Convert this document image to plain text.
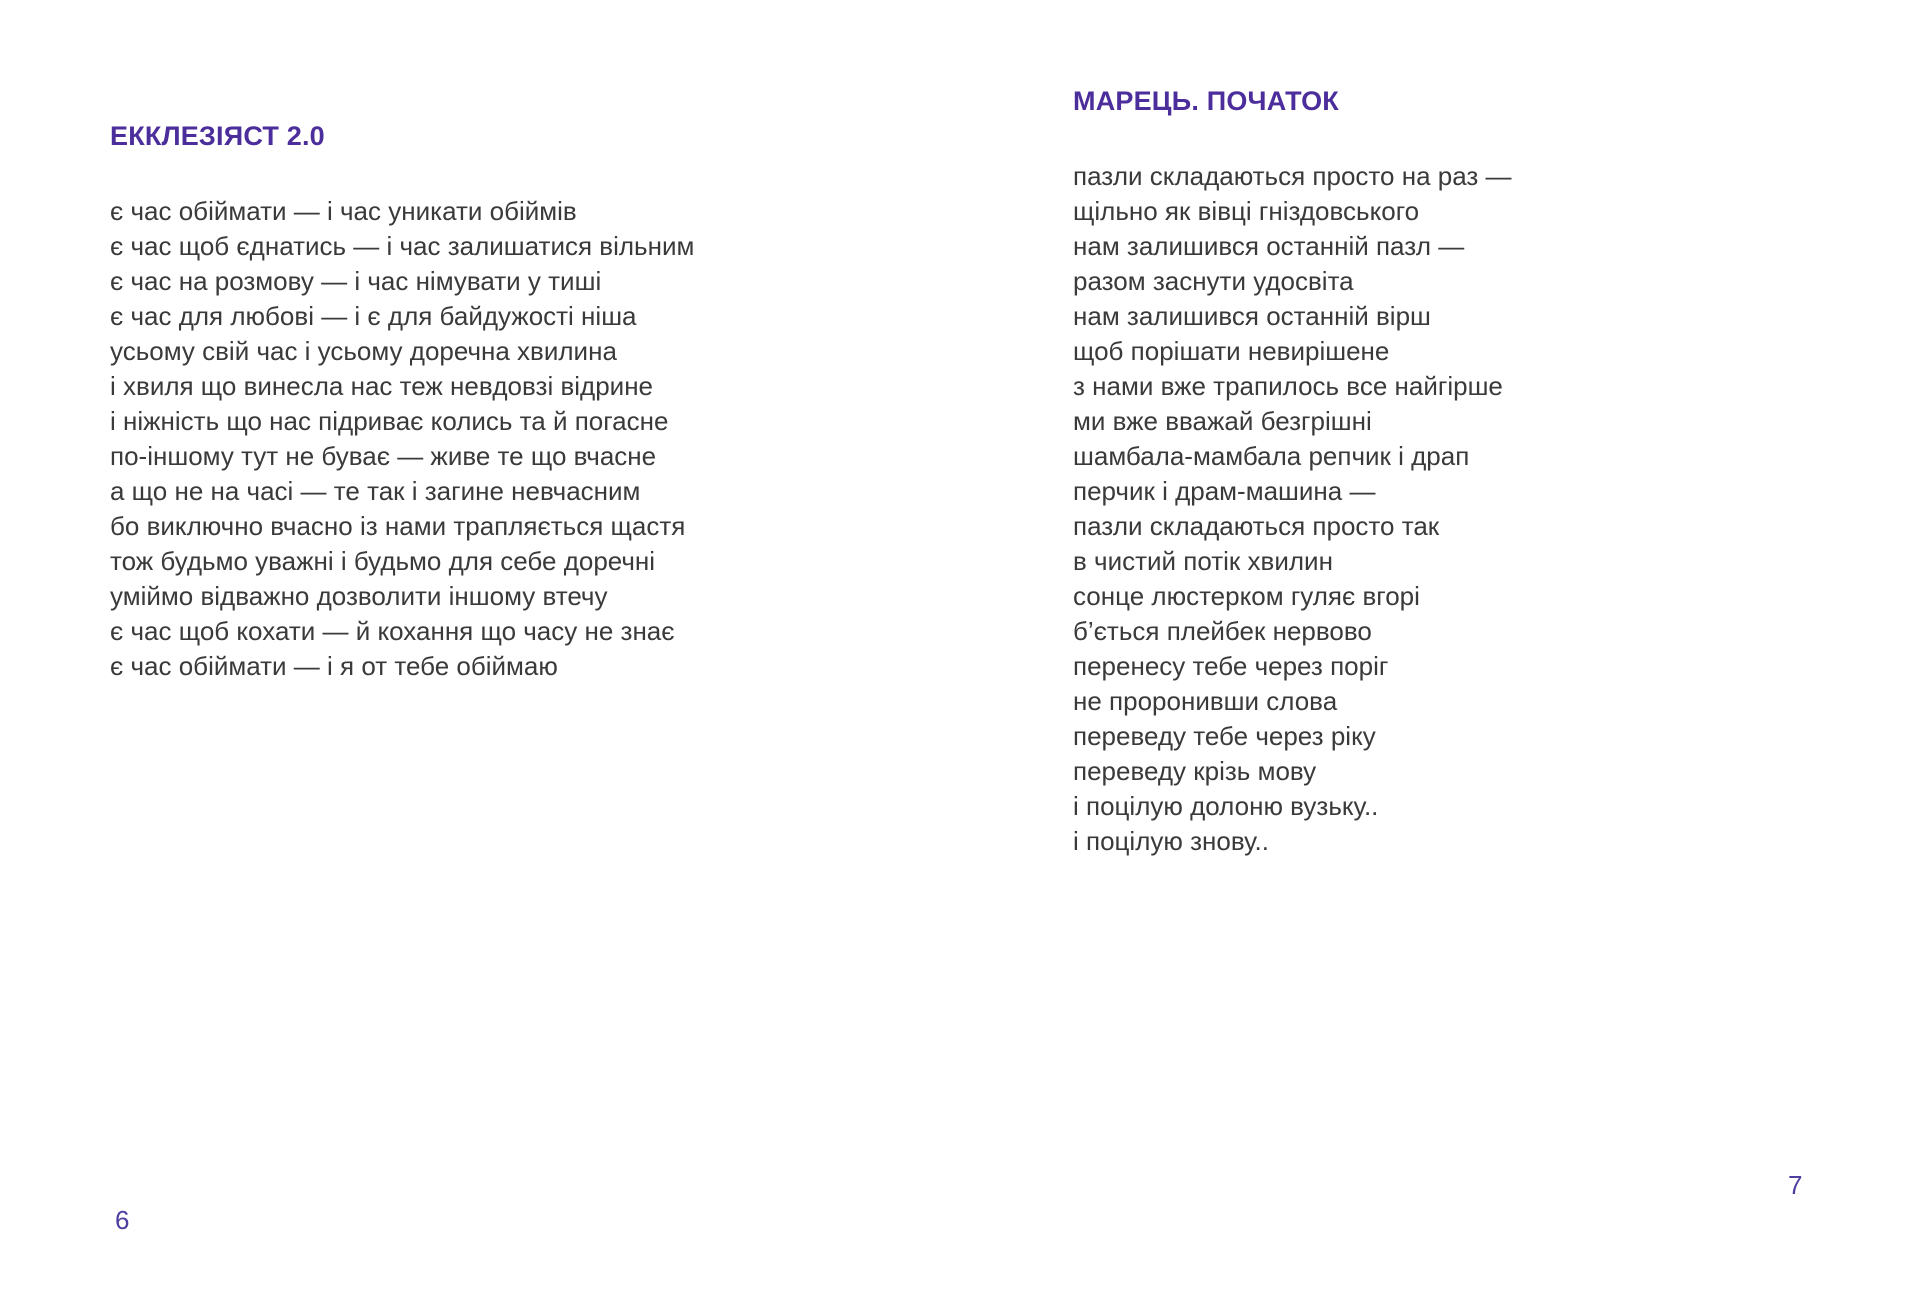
ЕККЛЕЗІЯСТ 2.0
є час обіймати — і час уникати обіймів
є час щоб єднатись — і час залишатися вільним
є час на розмову — і час німувати у тиші
є час для любові — і є для байдужості ніша
усьому свій час і усьому доречна хвилина
і хвиля що винесла нас теж невдовзі відрине
і ніжність що нас підриває колись та й погасне
по-іншому тут не буває — живе те що вчасне
а що не на часі — те так і загине невчасним
бо виключно вчасно із нами трапляється щастя
тож будьмо уважні і будьмо для себе доречні
уміймо відважно дозволити іншому втечу
є час щоб кохати — й кохання що часу не знає
є час обіймати — і я от тебе обіймаю
МАРЕЦЬ. ПОЧАТОК
пазли складаються просто на раз —
щільно як вівці гніздовського
нам залишився останній пазл —
разом заснути удосвіта
нам залишився останній вірш
щоб порішати невирішене
з нами вже трапилось все найгірше
ми вже вважай безгрішні
шамбала-мамбала репчик і драп
перчик і драм-машина —
пазли складаються просто так
в чистий потік хвилин
сонце люстерком гуляє вгорі
б’ється плейбек нервово
перенесу тебе через поріг
не проронивши слова
переведу тебе через ріку
переведу крізь мову
і поцілую долоню вузьку..
і поцілую знову..
6
7
